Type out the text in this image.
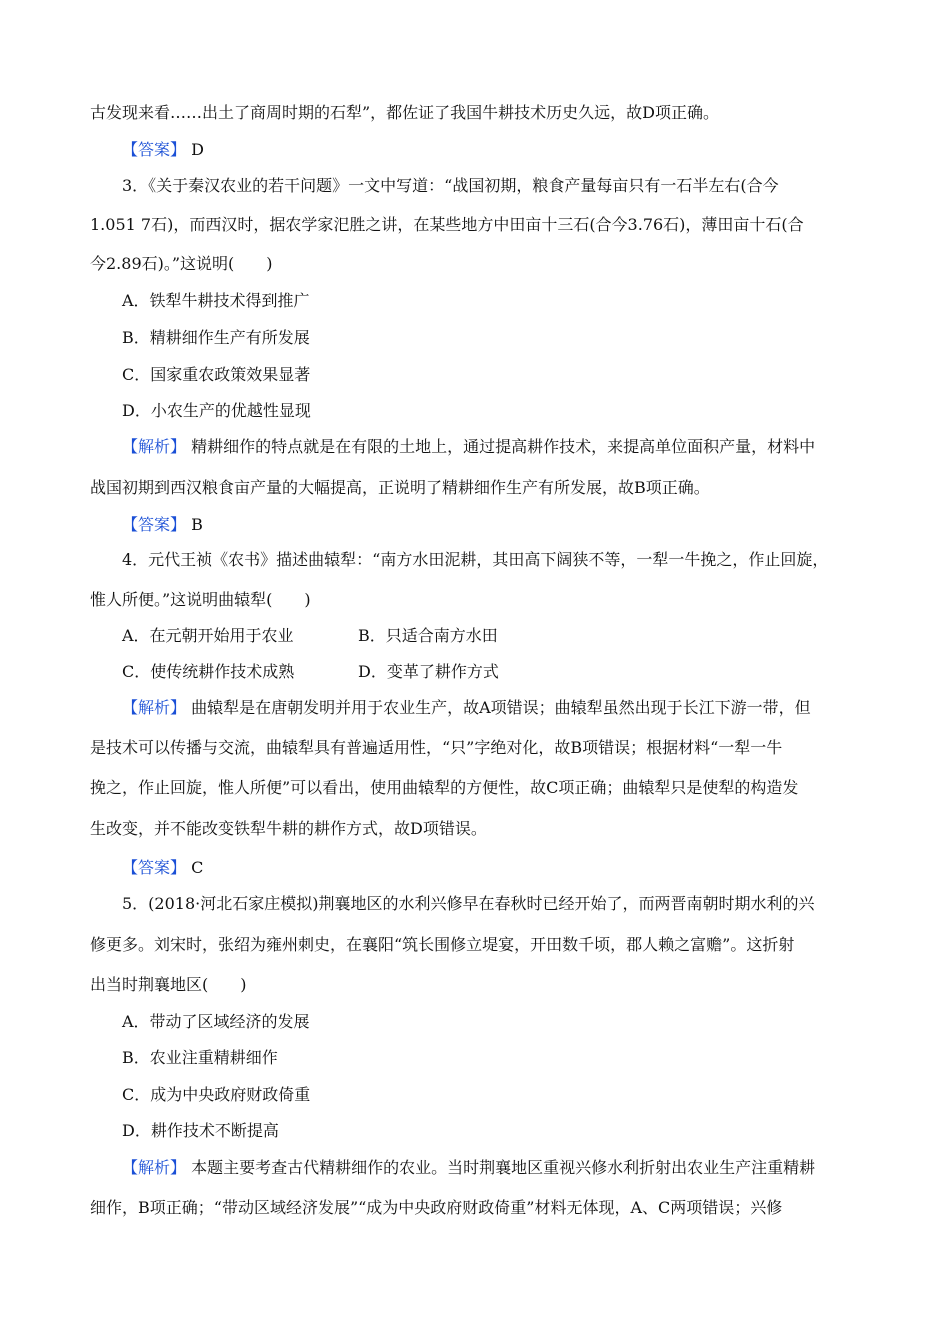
古发现来看……出土了商周时期的石犁”，都佐证了我国牛耕技术历史久远，故D项正确。
【答案】 D
3．《关于秦汉农业的若干问题》一文中写道：“战国初期，粮食产量每亩只有一石半左右(合今
1.051 7石)，而西汉时，据农学家汜胜之讲，在某些地方中田亩十三石(合今3.76石)，薄田亩十石(合
今2.89石)。”这说明(　　)
A．铁犁牛耕技术得到推广
B．精耕细作生产有所发展
C．国家重农政策效果显著
D．小农生产的优越性显现
【解析】 精耕细作的特点就是在有限的土地上，通过提高耕作技术，来提高单位面积产量，材料中
战国初期到西汉粮食亩产量的大幅提高，正说明了精耕细作生产有所发展，故B项正确。
【答案】 B
4．元代王祯《农书》描述曲辕犁：“南方水田泥耕，其田高下阔狭不等，一犁一牛挽之，作止回旋，
惟人所便。”这说明曲辕犁(　　)
A．在元朝开始用于农业	B．只适合南方水田
C．使传统耕作技术成熟	D．变革了耕作方式
【解析】 曲辕犁是在唐朝发明并用于农业生产，故A项错误；曲辕犁虽然出现于长江下游一带，但
是技术可以传播与交流，曲辕犁具有普遍适用性，“只”字绝对化，故B项错误；根据材料“一犁一牛
挽之，作止回旋，惟人所便”可以看出，使用曲辕犁的方便性，故C项正确；曲辕犁只是使犁的构造发
生改变，并不能改变铁犁牛耕的耕作方式，故D项错误。
【答案】 C
5．(2018·河北石家庄模拟)荆襄地区的水利兴修早在春秋时已经开始了，而两晋南朝时期水利的兴
修更多。刘宋时，张绍为雍州刺史，在襄阳“筑长围修立堤宴，开田数千顷，郡人赖之富赡”。这折射
出当时荆襄地区(　　)
A．带动了区域经济的发展
B．农业注重精耕细作
C．成为中央政府财政倚重
D．耕作技术不断提高
【解析】 本题主要考查古代精耕细作的农业。当时荆襄地区重视兴修水利折射出农业生产注重精耕
细作，B项正确；“带动区域经济发展”“成为中央政府财政倚重”材料无体现，A、C两项错误；兴修
